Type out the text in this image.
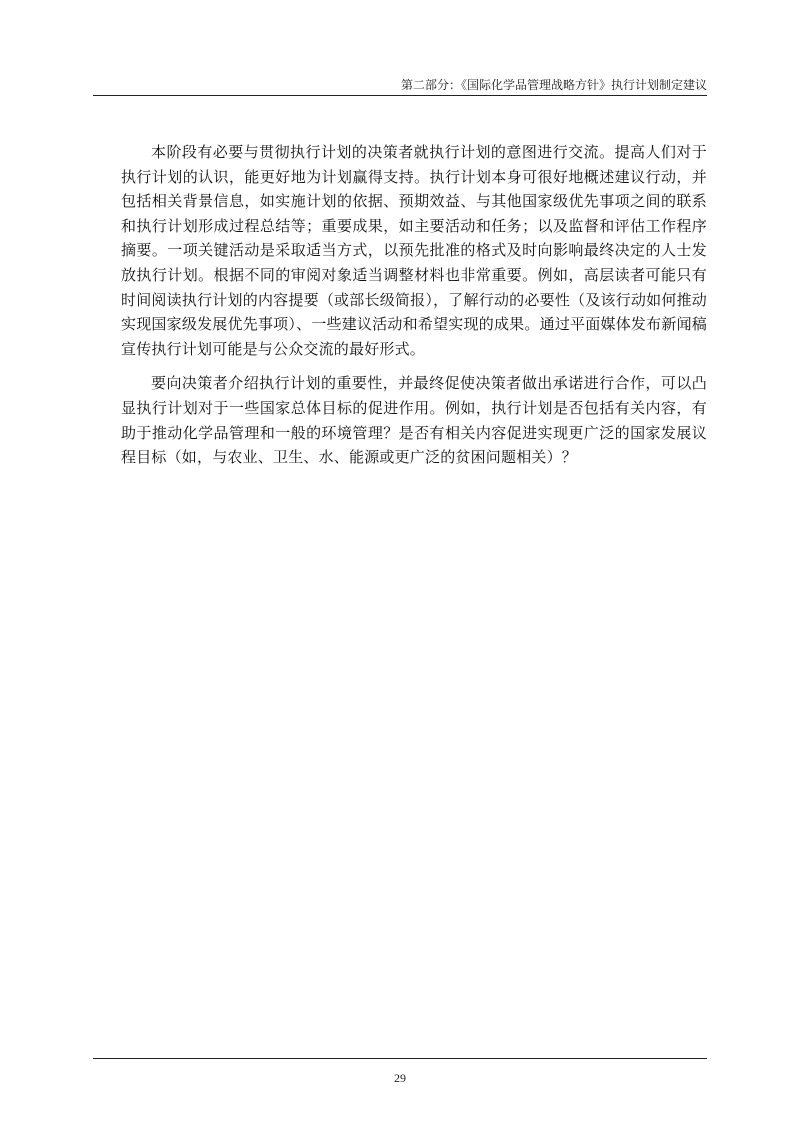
第二部分：《国际化学品管理战略方针》执行计划制定建议

本阶段有必要与贯彻执行计划的决策者就执行计划的意图进行交流。提高人们对于执行计划的认识，能更好地为计划赢得支持。执行计划本身可很好地概述建议行动，并包括相关背景信息，如实施计划的依据、预期效益、与其他国家级优先事项之间的联系和执行计划形成过程总结等；重要成果，如主要活动和任务；以及监督和评估工作程序摘要。一项关键活动是采取适当方式，以预先批准的格式及时向影响最终决定的人士发放执行计划。根据不同的审阅对象适当调整材料也非常重要。例如，高层读者可能只有时间阅读执行计划的内容提要（或部长级简报），了解行动的必要性（及该行动如何推动实现国家级发展优先事项）、一些建议活动和希望实现的成果。通过平面媒体发布新闻稿宣传执行计划可能是与公众交流的最好形式。

要向决策者介绍执行计划的重要性，并最终促使决策者做出承诺进行合作，可以凸显执行计划对于一些国家总体目标的促进作用。例如，执行计划是否包括有关内容，有助于推动化学品管理和一般的环境管理？是否有相关内容促进实现更广泛的国家发展议程目标（如，与农业、卫生、水、能源或更广泛的贫困问题相关）？

29
